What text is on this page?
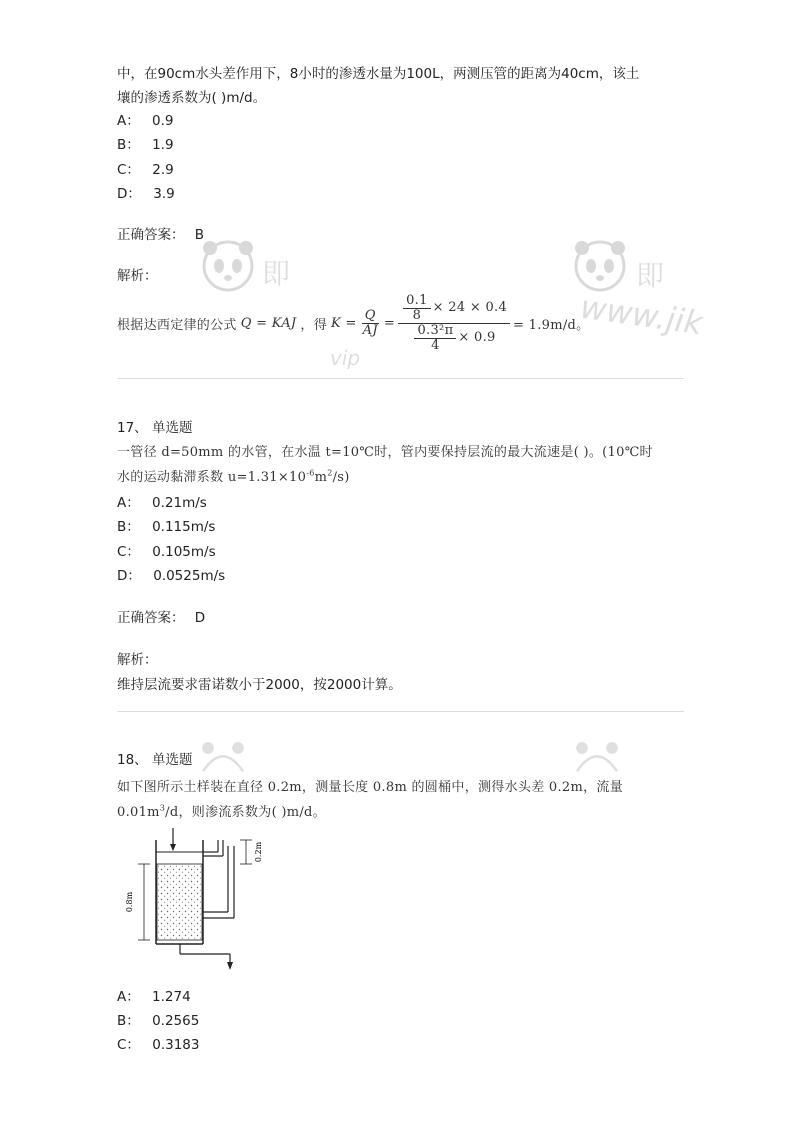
中，在90cm水头差作用下，8小时的渗透水量为100L，两测压管的距离为40cm，该土
壤的渗透系数为( )m/d。
A： 0.9
B： 1.9
C： 2.9
D： 3.9
正确答案： B
解析：
根据达西定律的公式 Q = KAJ ，得 $K = \frac{Q}{AJ} = \frac{\frac{0.1}{8} \times 24 \times 0.4}{\frac{\text{0.3²π}}{4} \times 0.9} = 1.9m/d$。
17、 单选题
一管径 d=50mm 的水管，在水温 t=10℃时，管内要保持层流的最大流速是( )。(10℃时
水的运动黏滞系数 $u=1.31\times 10^{-6}m^2/s$)
A： 0.21m/s
B： 0.115m/s
C： 0.105m/s
D： 0.0525m/s
正确答案： D
解析：
维持层流要求雷诺数小于2000，按2000计算。
18、 单选题
如下图所示土样装在直径 0.2m，测量长度 0.8m 的圆桶中，测得水头差 0.2m，流量
$0.01m^3/d$，则渗流系数为( )m/d。
0.2m
0.8m
A： 1.274
B： 0.2565
C： 0.3183
即
vip
即
www.jik
